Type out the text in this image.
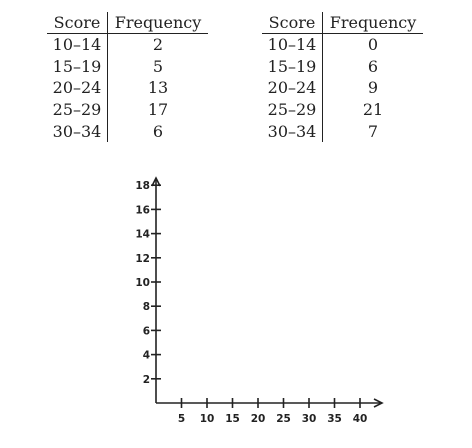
Score	Frequency
10–14	2
15–19	5
20–24	13
25–29	17
30–34	6
Score	Frequency
10–14	0
15–19	6
20–24	9
25–29	21
30–34	7
5 10 15 20 25 30 35 40
2
4
6
8
10
12
14
16
18
